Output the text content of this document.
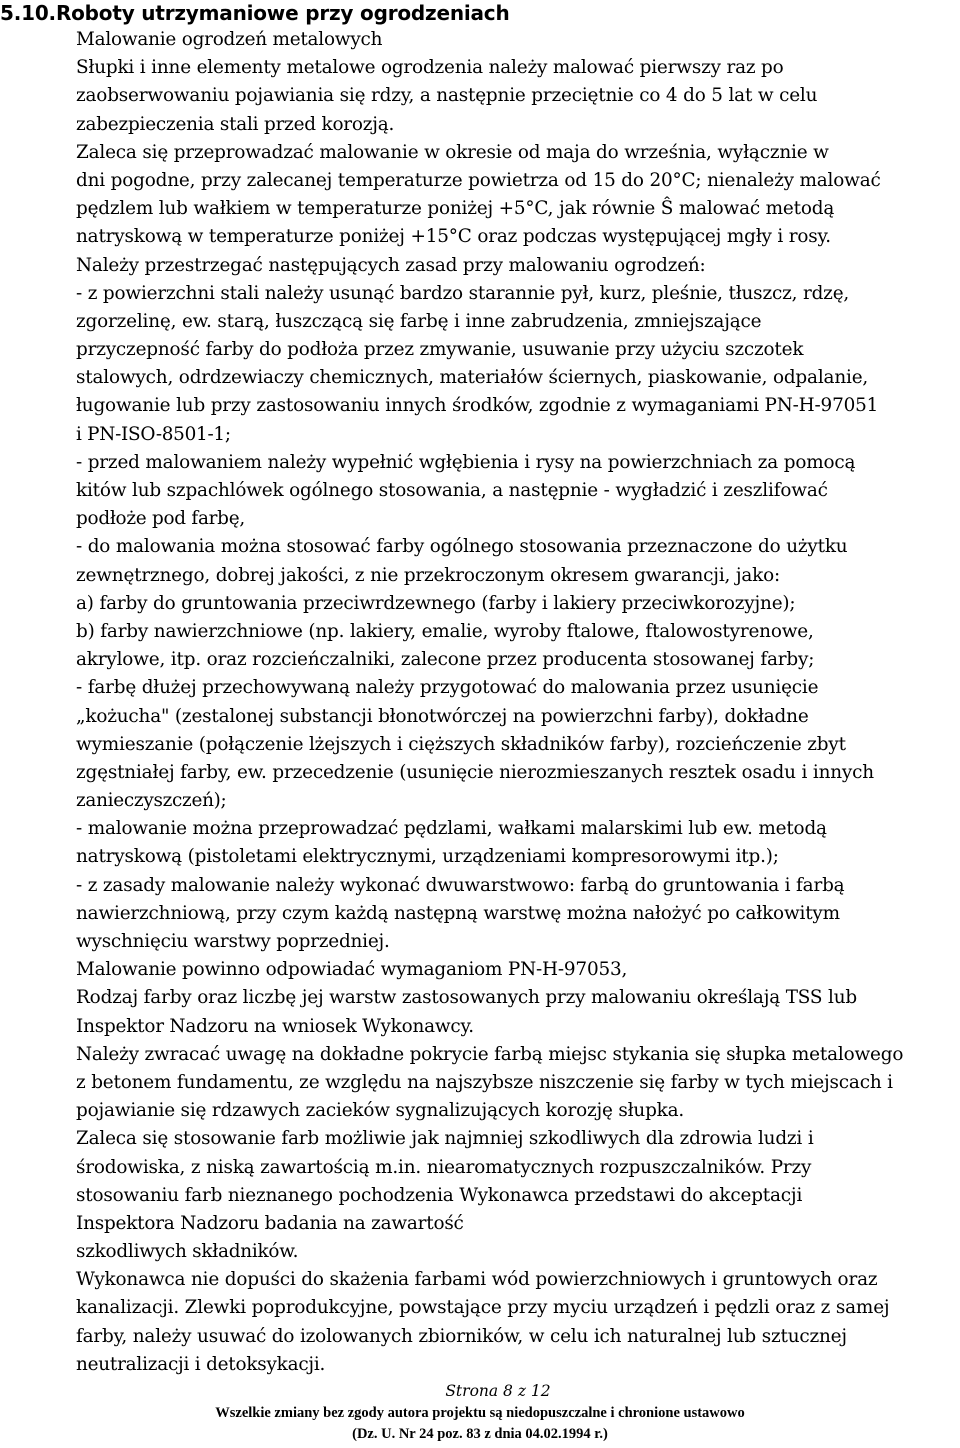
5.10.Roboty utrzymaniowe przy ogrodzeniach
Malowanie ogrodzeń metalowych
Słupki i inne elementy metalowe ogrodzenia należy malować pierwszy raz po
zaobserwowaniu pojawiania się rdzy, a następnie przeciętnie co 4 do 5 lat w celu
zabezpieczenia stali przed korozją.
Zaleca się przeprowadzać malowanie w okresie od maja do września, wyłącznie w
dni pogodne, przy zalecanej temperaturze powietrza od 15 do 20°C; nienależy malować
pędzlem lub wałkiem w temperaturze poniżej +5°C, jak równie Ŝ malować metodą
natryskową w temperaturze poniżej +15°C oraz podczas występującej mgły i rosy.
Należy przestrzegać następujących zasad przy malowaniu ogrodzeń:
- z powierzchni stali należy usunąć bardzo starannie pył, kurz, pleśnie, tłuszcz, rdzę,
zgorzelinę, ew. starą, łuszczącą się farbę i inne zabrudzenia, zmniejszające
przyczepność farby do podłoża przez zmywanie, usuwanie przy użyciu szczotek
stalowych, odrdzewiaczy chemicznych, materiałów ściernych, piaskowanie, odpalanie,
ługowanie lub przy zastosowaniu innych środków, zgodnie z wymaganiami PN-H-97051
i PN-ISO-8501-1;
- przed malowaniem należy wypełnić wgłębienia i rysy na powierzchniach za pomocą
kitów lub szpachlówek ogólnego stosowania, a następnie - wygładzić i zeszlifować
podłoże pod farbę,
- do malowania można stosować farby ogólnego stosowania przeznaczone do użytku
zewnętrznego, dobrej jakości, z nie przekroczonym okresem gwarancji, jako:
a) farby do gruntowania przeciwrdzewnego (farby i lakiery przeciwkorozyjne);
b) farby nawierzchniowe (np. lakiery, emalie, wyroby ftalowe, ftalowostyrenowe,
akrylowe, itp. oraz rozcieńczalniki, zalecone przez producenta stosowanej farby;
- farbę dłużej przechowywaną należy przygotować do malowania przez usunięcie
„kożucha" (zestalonej substancji błonotwórczej na powierzchni farby), dokładne
wymieszanie (połączenie lżejszych i cięższych składników farby), rozcieńczenie zbyt
zgęstniałej farby, ew. przecedzenie (usunięcie nierozmieszanych resztek osadu i innych
zanieczyszczeń);
- malowanie można przeprowadzać pędzlami, wałkami malarskimi lub ew. metodą
natryskową (pistoletami elektrycznymi, urządzeniami kompresorowymi itp.);
- z zasady malowanie należy wykonać dwuwarstwowo: farbą do gruntowania i farbą
nawierzchniową, przy czym każdą następną warstwę można nałożyć po całkowitym
wyschnięciu warstwy poprzedniej.
Malowanie powinno odpowiadać wymaganiom PN-H-97053,
Rodzaj farby oraz liczbę jej warstw zastosowanych przy malowaniu określają TSS lub
Inspektor Nadzoru na wniosek Wykonawcy.
Należy zwracać uwagę na dokładne pokrycie farbą miejsc stykania się słupka metalowego
z betonem fundamentu, ze względu na najszybsze niszczenie się farby w tych miejscach i
pojawianie się rdzawych zacieków sygnalizujących korozję słupka.
Zaleca się stosowanie farb możliwie jak najmniej szkodliwych dla zdrowia ludzi i
środowiska, z niską zawartością m.in. niearomatycznych rozpuszczalników. Przy
stosowaniu farb nieznanego pochodzenia Wykonawca przedstawi do akceptacji
Inspektora Nadzoru badania na zawartość
szkodliwych składników.
Wykonawca nie dopuści do skażenia farbami wód powierzchniowych i gruntowych oraz
kanalizacji. Zlewki poprodukcyjne, powstające przy myciu urządzeń i pędzli oraz z samej
farby, należy usuwać do izolowanych zbiorników, w celu ich naturalnej lub sztucznej
neutralizacji i detoksykacji.
Strona 8 z 12
Wszelkie zmiany bez zgody autora projektu są niedopuszczalne i chronione ustawowo
(Dz. U. Nr 24 poz. 83 z dnia 04.02.1994 r.)
